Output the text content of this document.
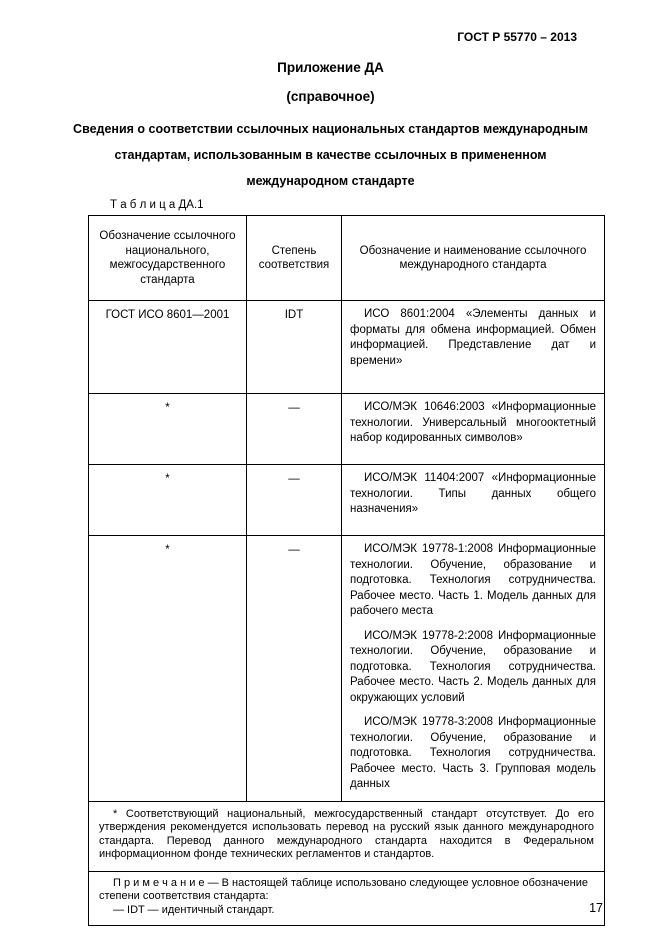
ГОСТ Р 55770 – 2013
Приложение ДА
(справочное)

Сведения о соответствии ссылочных национальных стандартов международным стандартам, использованным в качестве ссылочных в примененном международном стандарте

Т а б л и ц а ДА.1
Обозначение ссылочного национального, межгосударственного стандарта	Степень соответствия	Обозначение и наименование ссылочного международного стандарта
ГОСТ ИСО 8601—2001	IDT	ИСО 8601:2004 «Элементы данных и форматы для обмена информацией. Обмен информацией. Представление дат и времени»

*	—	ИСО/МЭК 10646:2003 «Информационные технологии. Универсальный многооктетный набор кодированных символов»

*	—	ИСО/МЭК 11404:2007 «Информационные технологии. Типы данных общего назначения»

*	—	ИСО/МЭК 19778-1:2008 Информационные технологии. Обучение, образование и подготовка. Технология сотрудничества. Рабочее место. Часть 1. Модель данных для рабочего места

ИСО/МЭК 19778-2:2008 Информационные технологии. Обучение, образование и подготовка. Технология сотрудничества. Рабочее место. Часть 2. Модель данных для окружающих условий

ИСО/МЭК 19778-3:2008 Информационные технологии. Обучение, образование и подготовка. Технология сотрудничества. Рабочее место. Часть 3. Групповая модель данных

* Соответствующий национальный, межгосударственный стандарт отсутствует. До его утверждения рекомендуется использовать перевод на русский язык данного международного стандарта. Перевод данного международного стандарта находится в Федеральном информационном фонде технических регламентов и стандартов.		

П р и м е ч а н и е — В настоящей таблице использовано следующее условное обозначение степени соответствия стандарта:

— IDT — идентичный стандарт.			17
